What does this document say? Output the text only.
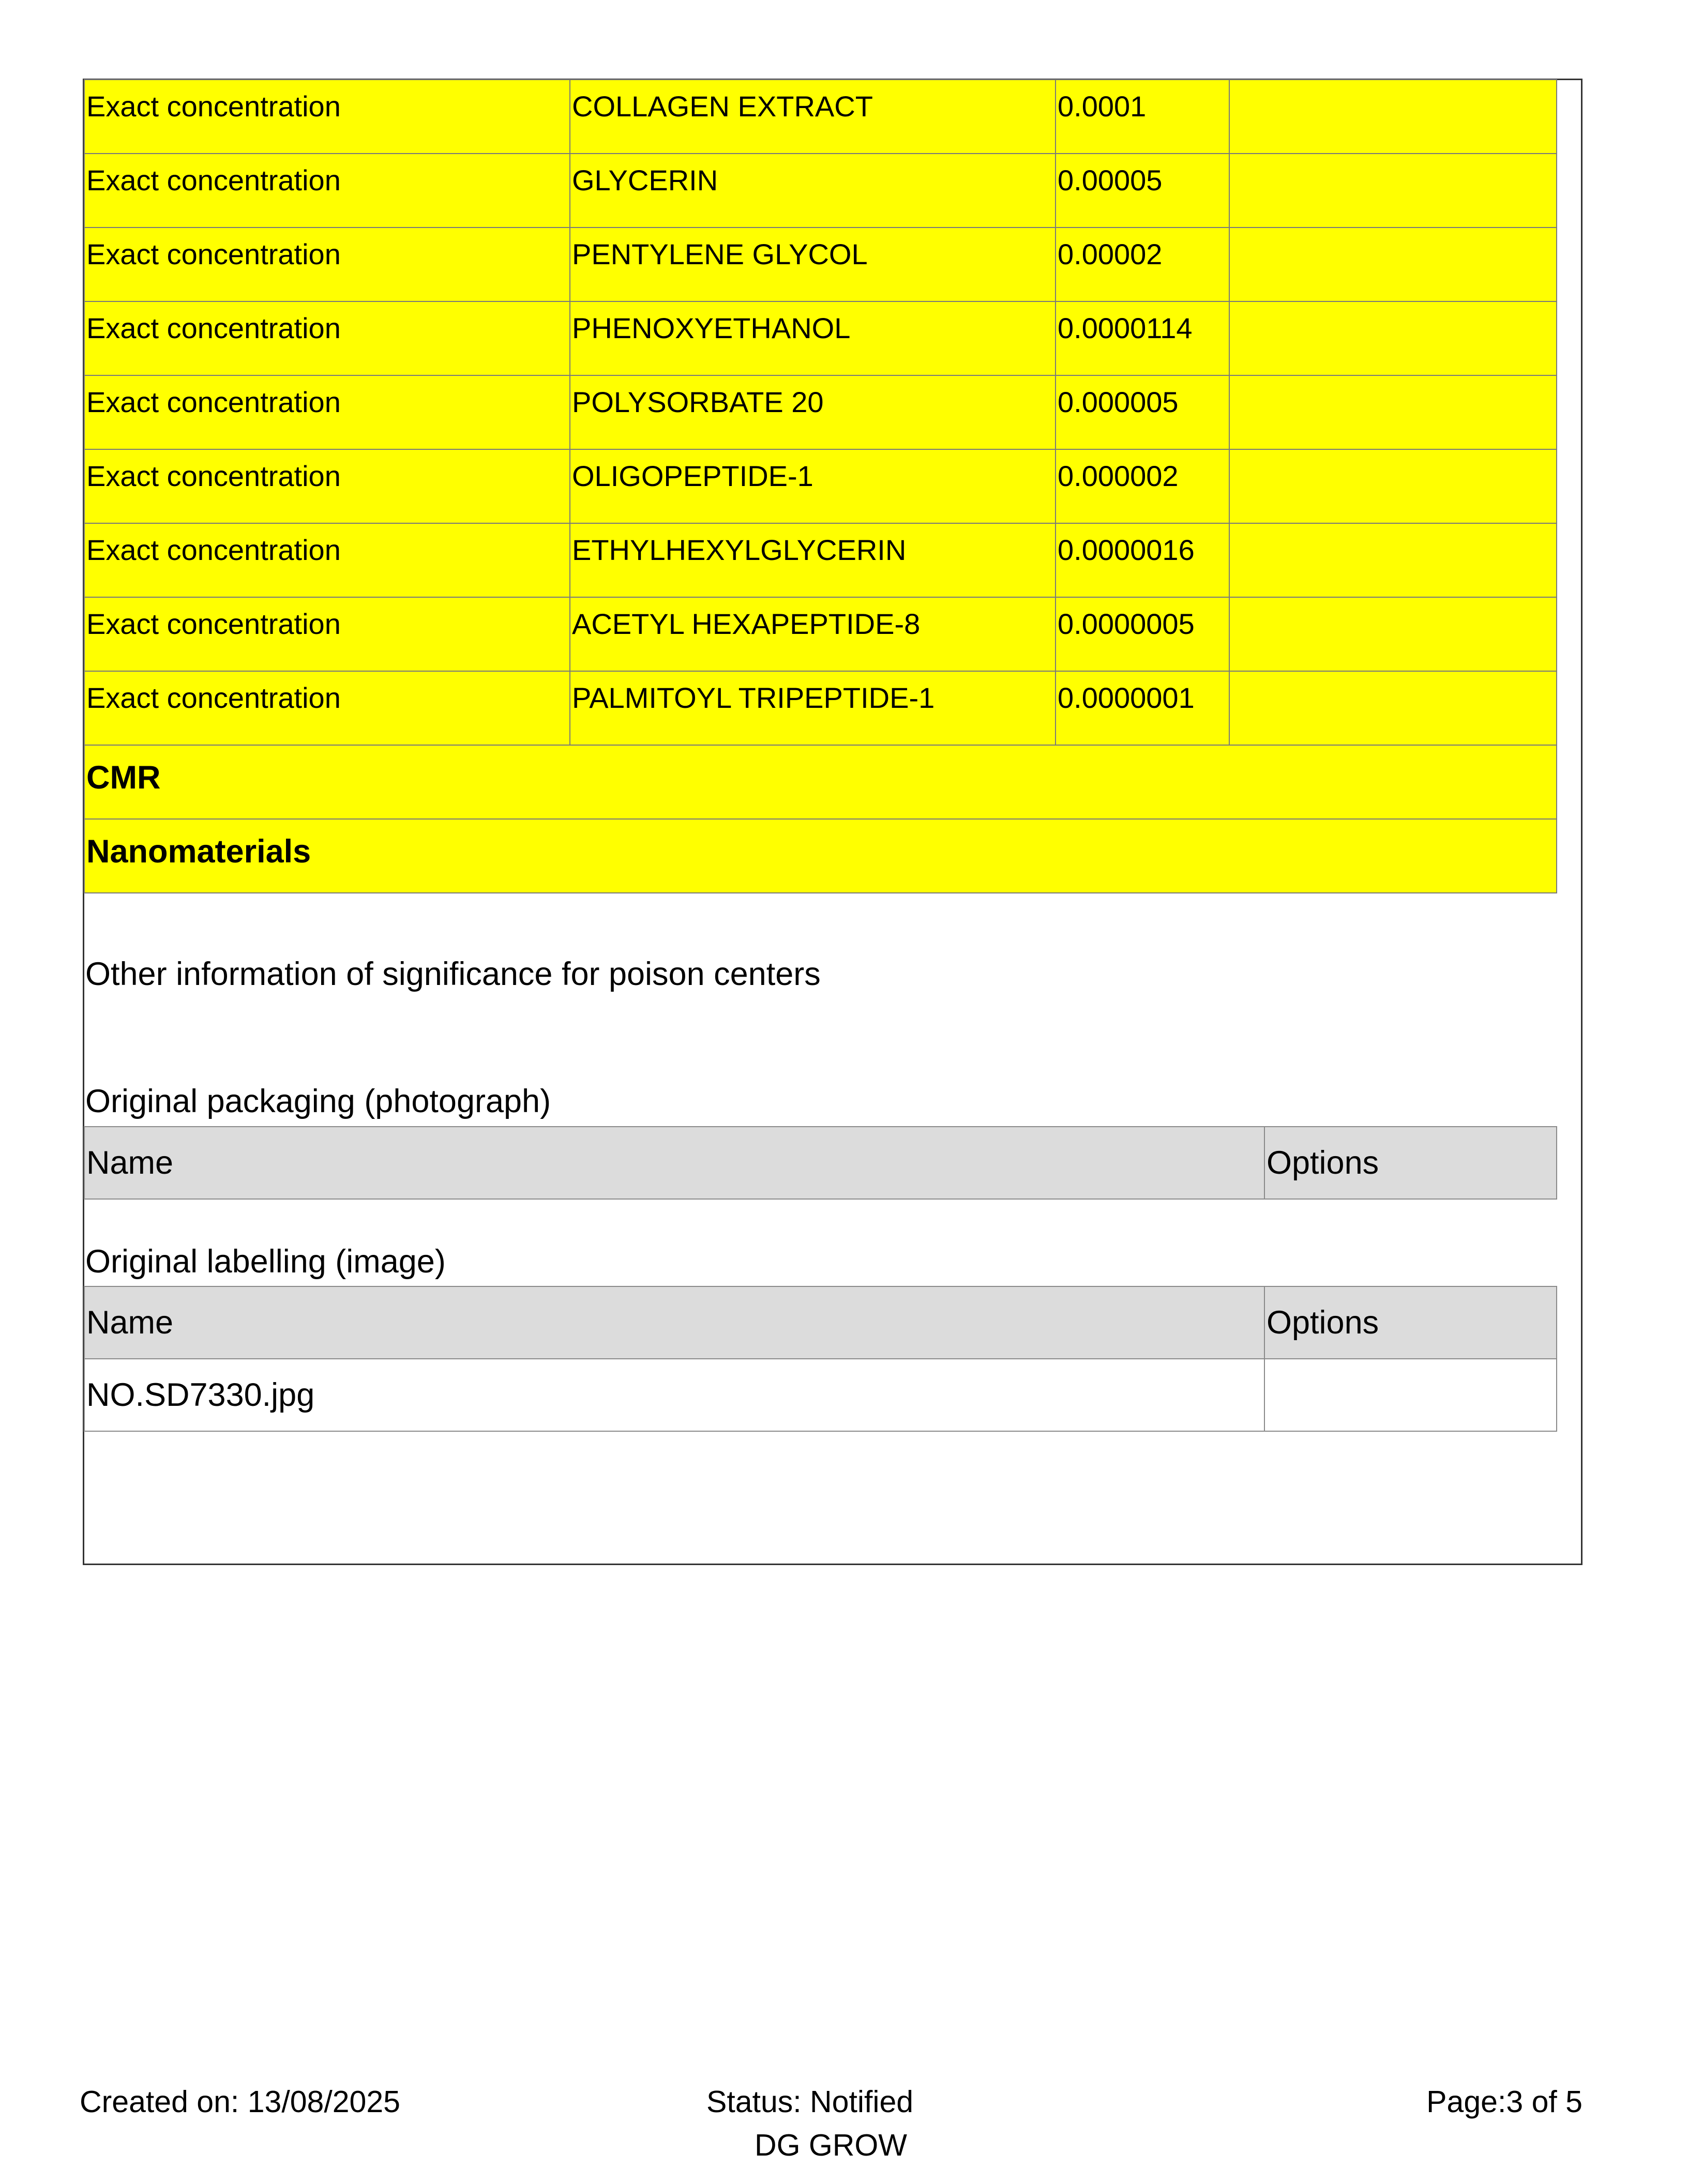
Exact concentration	COLLAGEN EXTRACT	0.0001	
Exact concentration	GLYCERIN	0.00005	
Exact concentration	PENTYLENE GLYCOL	0.00002	
Exact concentration	PHENOXYETHANOL	0.0000114	
Exact concentration	POLYSORBATE 20	0.000005	
Exact concentration	OLIGOPEPTIDE-1	0.000002	
Exact concentration	ETHYLHEXYLGLYCERIN	0.0000016	
Exact concentration	ACETYL HEXAPEPTIDE-8	0.0000005	
Exact concentration	PALMITOYL TRIPEPTIDE-1	0.0000001	
CMR			
Nanomaterials			
Other information of significance for poison centers
Original packaging (photograph)
Name	Options
Original labelling (image)
Name	Options
NO.SD7330.jpg	
Created on: 13/08/2025	Status: Notified
DG GROW
Page:3 of 5
